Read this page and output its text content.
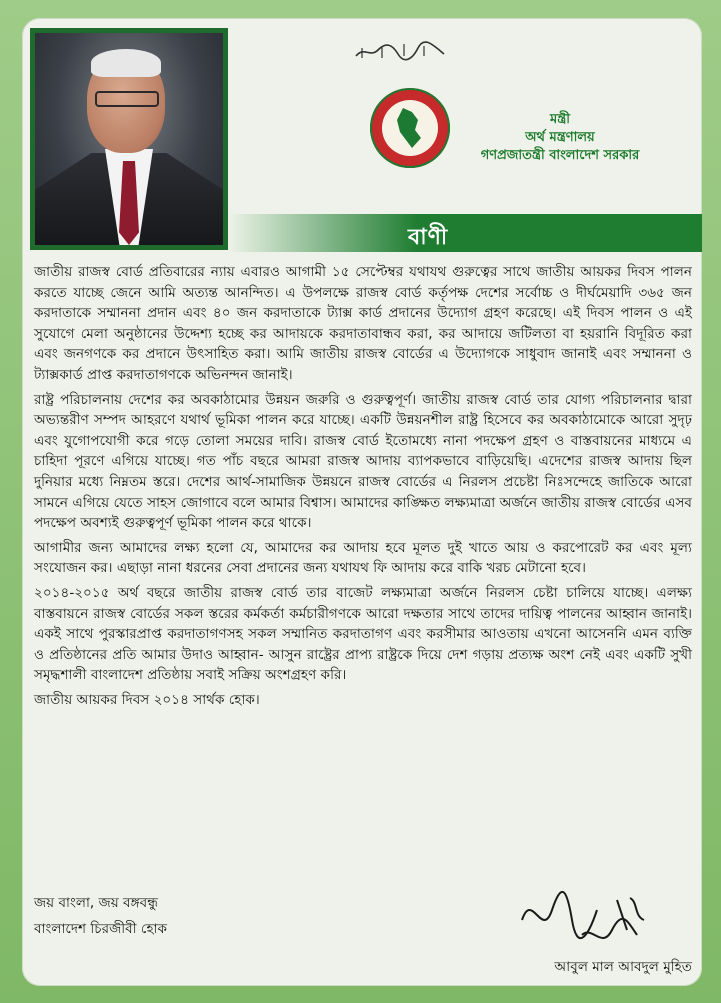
মন্ত্রী
অর্থ মন্ত্রণালয়
গণপ্রজাতন্ত্রী বাংলাদেশ সরকার
বাণী

জাতীয় রাজস্ব বোর্ড প্রতিবারের ন্যায় এবারও আগামী ১৫ সেপ্টেম্বর যথাযথ গুরুত্বের সাথে জাতীয় আয়কর দিবস পালন করতে যাচ্ছে জেনে আমি অত্যন্ত আনন্দিত। এ উপলক্ষে রাজস্ব বোর্ড কর্তৃপক্ষ দেশের সর্বোচ্চ ও দীর্ঘমেয়াদি ৩৬৫ জন করদাতাকে সম্মাননা প্রদান এবং ৪০ জন করদাতাকে ট্যাক্স কার্ড প্রদানের উদ্যোগ গ্রহণ করেছে। এই দিবস পালন ও এই সুযোগে মেলা অনুষ্ঠানের উদ্দেশ্য হচ্ছে কর আদায়কে করদাতাবান্ধব করা, কর আদায়ে জটিলতা বা হয়রানি বিদূরিত করা এবং জনগণকে কর প্রদানে উৎসাহিত করা। আমি জাতীয় রাজস্ব বোর্ডের এ উদ্যোগকে সাধুবাদ জানাই এবং সম্মাননা ও ট্যাক্সকার্ড প্রাপ্ত করদাতাগণকে অভিনন্দন জানাই।

রাষ্ট্র পরিচালনায় দেশের কর অবকাঠামোর উন্নয়ন জরুরি ও গুরুত্বপূর্ণ। জাতীয় রাজস্ব বোর্ড তার যোগ্য পরিচালনার দ্বারা অভ্যন্তরীণ সম্পদ আহরণে যথার্থ ভূমিকা পালন করে যাচ্ছে। একটি উন্নয়নশীল রাষ্ট্র হিসেবে কর অবকাঠামোকে আরো সুদৃঢ় এবং যুগোপযোগী করে গড়ে তোলা সময়ের দাবি। রাজস্ব বোর্ড ইতোমধ্যে নানা পদক্ষেপ গ্রহণ ও বাস্তবায়নের মাধ্যমে এ চাহিদা পূরণে এগিয়ে যাচ্ছে। গত পাঁচ বছরে আমরা রাজস্ব আদায় ব্যাপকভাবে বাড়িয়েছি। এদেশের রাজস্ব আদায় ছিল দুনিয়ার মধ্যে নিম্নতম স্তরে। দেশের আর্থ-সামাজিক উন্নয়নে রাজস্ব বোর্ডের এ নিরলস প্রচেষ্টা নিঃসন্দেহে জাতিকে আরো সামনে এগিয়ে যেতে সাহস জোগাবে বলে আমার বিশ্বাস। আমাদের কাঙ্ক্ষিত লক্ষ্যমাত্রা অর্জনে জাতীয় রাজস্ব বোর্ডের এসব পদক্ষেপ অবশ্যই গুরুত্বপূর্ণ ভূমিকা পালন করে থাকে।

আগামীর জন্য আমাদের লক্ষ্য হলো যে, আমাদের কর আদায় হবে মূলত দুই খাতে আয় ও করপোরেট কর এবং মূল্য সংযোজন কর। এছাড়া নানা ধরনের সেবা প্রদানের জন্য যথাযথ ফি আদায় করে বাকি খরচ মেটানো হবে।

২০১৪-২০১৫ অর্থ বছরে জাতীয় রাজস্ব বোর্ড তার বাজেট লক্ষ্যমাত্রা অর্জনে নিরলস চেষ্টা চালিয়ে যাচ্ছে। এলক্ষ্য বাস্তবায়নে রাজস্ব বোর্ডের সকল স্তরের কর্মকর্তা কর্মচারীগণকে আরো দক্ষতার সাথে তাদের দায়িত্ব পালনের আহ্বান জানাই। একই সাথে পুরস্কারপ্রাপ্ত করদাতাগণসহ সকল সম্মানিত করদাতাগণ এবং করসীমার আওতায় এখনো আসেননি এমন ব্যক্তি ও প্রতিষ্ঠানের প্রতি আমার উদাও আহ্বান- আসুন রাষ্ট্রের প্রাপ্য রাষ্ট্রকে দিয়ে দেশ গড়ায় প্রত্যক্ষ অংশ নেই এবং একটি সুখী সমৃদ্ধশালী বাংলাদেশ প্রতিষ্ঠায় সবাই সক্রিয় অংশগ্রহণ করি।

জাতীয় আয়কর দিবস ২০১৪ সার্থক হোক।

জয় বাংলা, জয় বঙ্গবন্ধু
বাংলাদেশ চিরজীবী হোক
আবুল মাল আবদুল মুহিত
